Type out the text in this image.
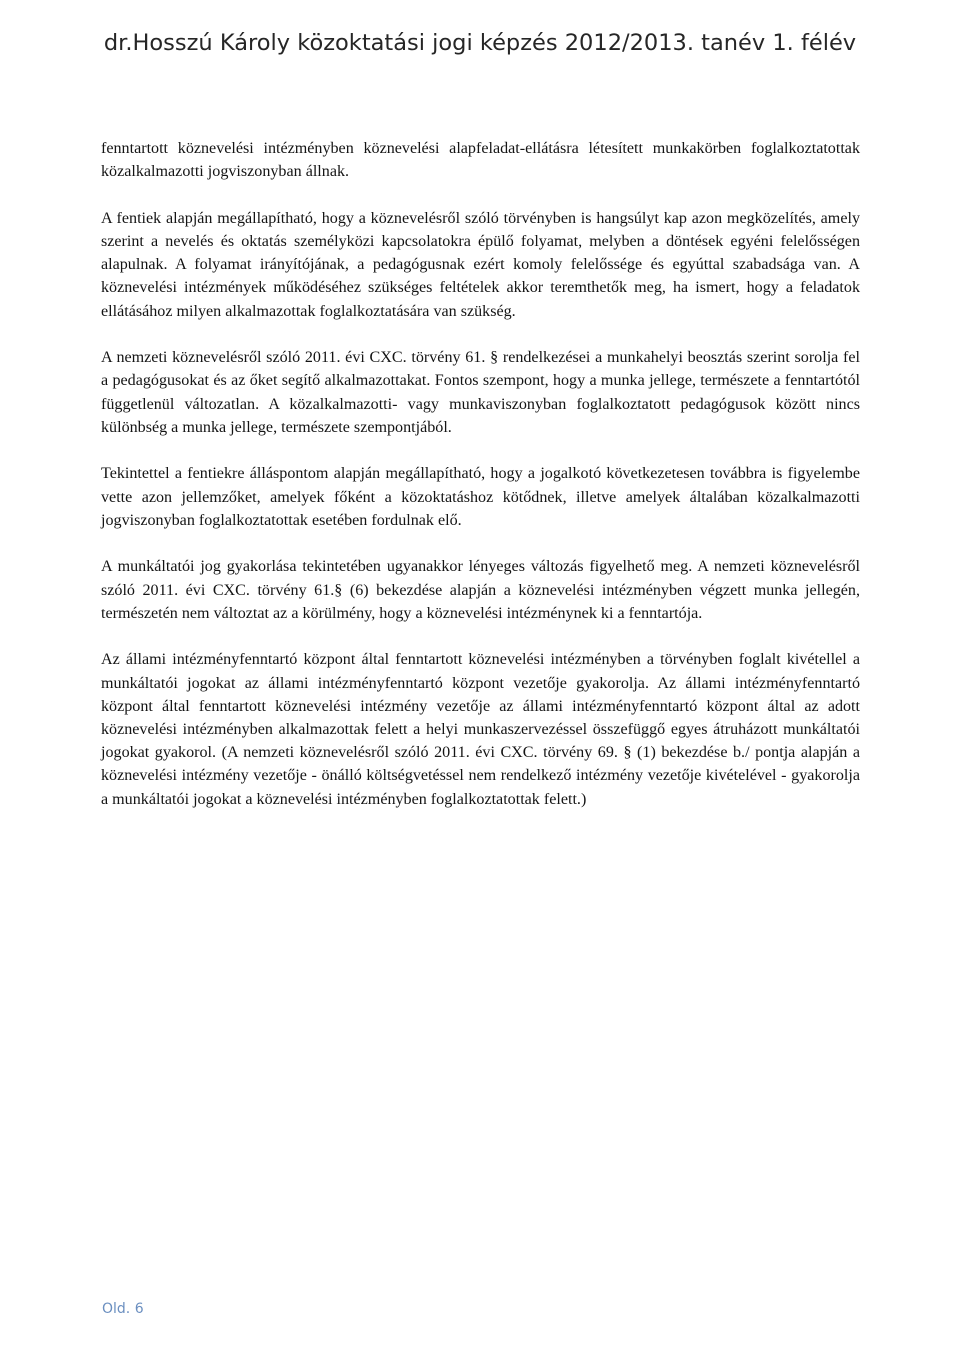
dr.Hosszú Károly közoktatási jogi képzés 2012/2013. tanév 1. félév

fenntartott köznevelési intézményben köznevelési alapfeladat-ellátásra létesített munkakörben foglalkoztatottak közalkalmazotti jogviszonyban állnak.

A fentiek alapján megállapítható, hogy a köznevelésről szóló törvényben is hangsúlyt kap azon megközelítés, amely szerint a nevelés és oktatás személyközi kapcsolatokra épülő folyamat, melyben a döntések egyéni felelősségen alapulnak. A folyamat irányítójának, a pedagógusnak ezért komoly felelőssége és egyúttal szabadsága van. A köznevelési intézmények működéséhez szükséges feltételek akkor teremthetők meg, ha ismert, hogy a feladatok ellátásához milyen alkalmazottak foglalkoztatására van szükség.

A nemzeti köznevelésről szóló 2011. évi CXC. törvény 61. § rendelkezései a munkahelyi beosztás szerint sorolja fel a pedagógusokat és az őket segítő alkalmazottakat. Fontos szempont, hogy a munka jellege, természete a fenntartótól függetlenül változatlan. A közalkalmazotti- vagy munkaviszonyban foglalkoztatott pedagógusok között nincs különbség a munka jellege, természete szempontjából.

Tekintettel a fentiekre álláspontom alapján megállapítható, hogy a jogalkotó következetesen továbbra is figyelembe vette azon jellemzőket, amelyek főként a közoktatáshoz kötődnek, illetve amelyek általában közalkalmazotti jogviszonyban foglalkoztatottak esetében fordulnak elő.

A munkáltatói jog gyakorlása tekintetében ugyanakkor lényeges változás figyelhető meg. A nemzeti köznevelésről szóló 2011. évi CXC. törvény 61.§ (6) bekezdése alapján a köznevelési intézményben végzett munka jellegén, természetén nem változtat az a körülmény, hogy a köznevelési intézménynek ki a fenntartója.

Az állami intézményfenntartó központ által fenntartott köznevelési intézményben a törvényben foglalt kivétellel a munkáltatói jogokat az állami intézményfenntartó központ vezetője gyakorolja. Az állami intézményfenntartó központ által fenntartott köznevelési intézmény vezetője az állami intézményfenntartó központ által az adott köznevelési intézményben alkalmazottak felett a helyi munkaszervezéssel összefüggő egyes átruházott munkáltatói jogokat gyakorol. (A nemzeti köznevelésről szóló 2011. évi CXC. törvény 69. § (1) bekezdése b./ pontja alapján a köznevelési intézmény vezetője - önálló költségvetéssel nem rendelkező intézmény vezetője kivételével - gyakorolja a munkáltatói jogokat a köznevelési intézményben foglalkoztatottak felett.)

Old. 6
